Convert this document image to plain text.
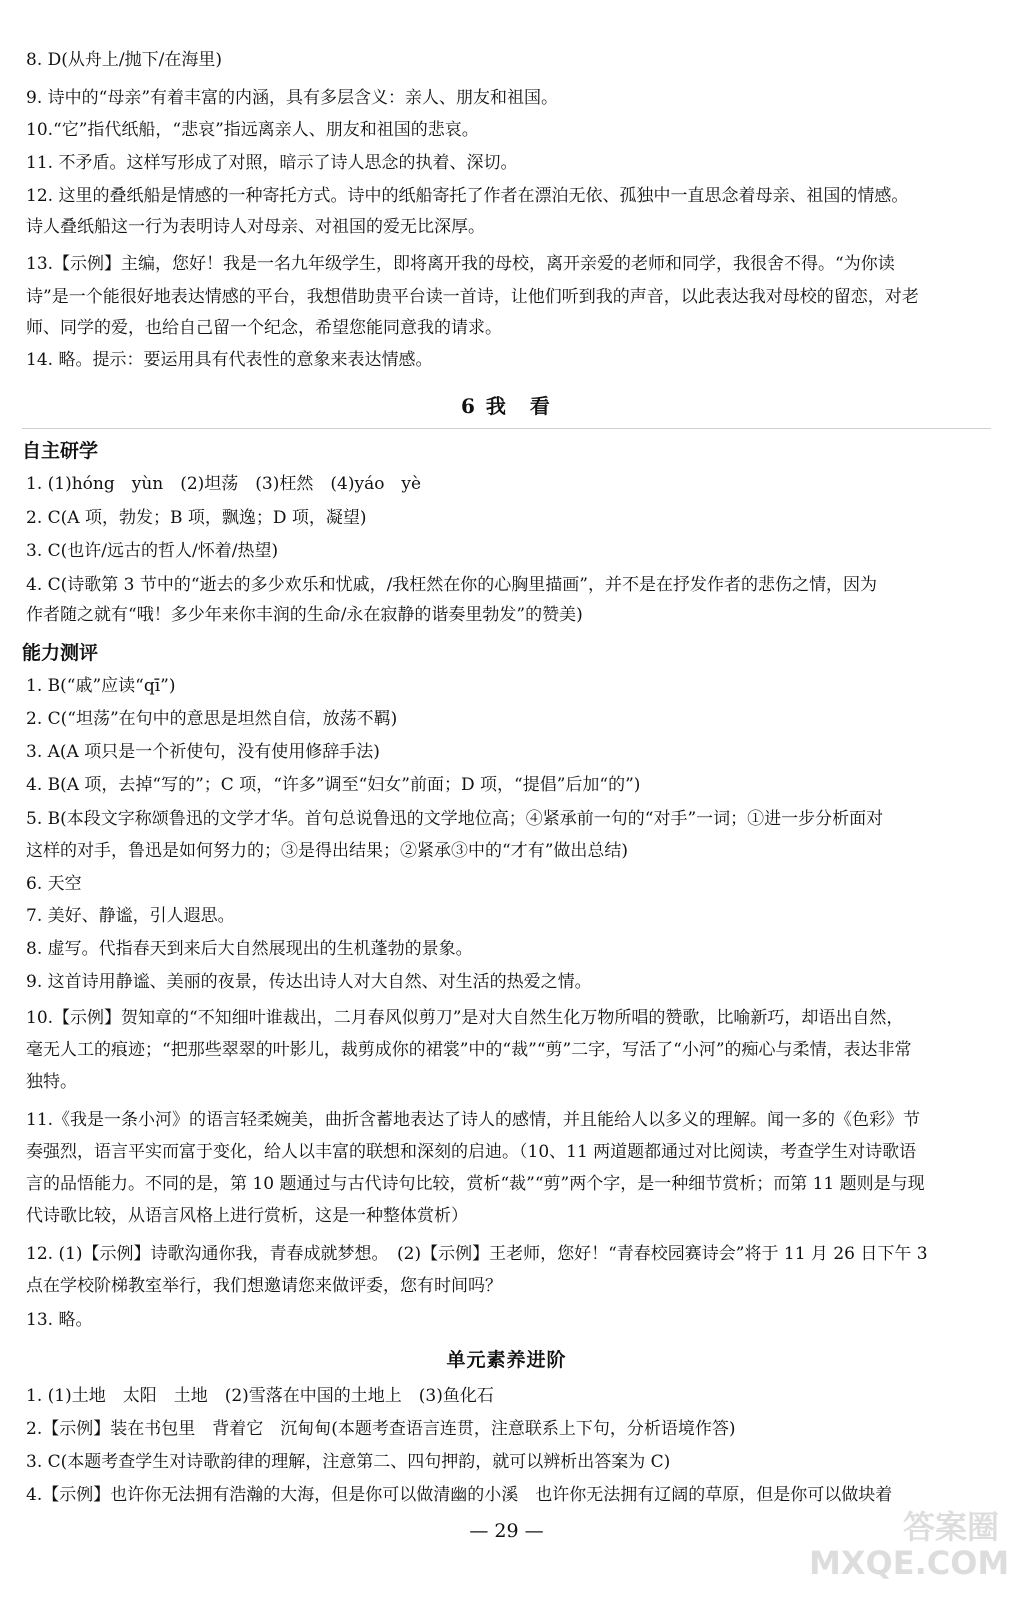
8. D(从舟上/抛下/在海里)
9. 诗中的“母亲”有着丰富的内涵，具有多层含义：亲人、朋友和祖国。
10.“它”指代纸船，“悲哀”指远离亲人、朋友和祖国的悲哀。
11. 不矛盾。这样写形成了对照，暗示了诗人思念的执着、深切。
12. 这里的叠纸船是情感的一种寄托方式。诗中的纸船寄托了作者在漂泊无依、孤独中一直思念着母亲、祖国的情感。
诗人叠纸船这一行为表明诗人对母亲、对祖国的爱无比深厚。
13.【示例】主编，您好！我是一名九年级学生，即将离开我的母校，离开亲爱的老师和同学，我很舍不得。“为你读
诗”是一个能很好地表达情感的平台，我想借助贵平台读一首诗，让他们听到我的声音，以此表达我对母校的留恋，对老
师、同学的爱，也给自己留一个纪念，希望您能同意我的请求。
14. 略。提示：要运用具有代表性的意象来表达情感。
6 我　看
自主研学
1. (1)hóng　yùn　(2)坦荡　(3)枉然　(4)yáo　yè
2. C(A 项，勃发；B 项，飘逸；D 项，凝望)
3. C(也许/远古的哲人/怀着/热望)
4. C(诗歌第 3 节中的“逝去的多少欢乐和忧戚，/我枉然在你的心胸里描画”，并不是在抒发作者的悲伤之情，因为
作者随之就有“哦！多少年来你丰润的生命/永在寂静的谐奏里勃发”的赞美)
能力测评
1. B(“戚”应读“qī”)
2. C(“坦荡”在句中的意思是坦然自信，放荡不羁)
3. A(A 项只是一个祈使句，没有使用修辞手法)
4. B(A 项，去掉“写的”；C 项，“许多”调至“妇女”前面；D 项，“提倡”后加“的”)
5. B(本段文字称颂鲁迅的文学才华。首句总说鲁迅的文学地位高；④紧承前一句的“对手”一词；①进一步分析面对
这样的对手，鲁迅是如何努力的；③是得出结果；②紧承③中的“才有”做出总结)
6. 天空
7. 美好、静谧，引人遐思。
8. 虚写。代指春天到来后大自然展现出的生机蓬勃的景象。
9. 这首诗用静谧、美丽的夜景，传达出诗人对大自然、对生活的热爱之情。
10.【示例】贺知章的“不知细叶谁裁出，二月春风似剪刀”是对大自然生化万物所唱的赞歌，比喻新巧，却语出自然，
毫无人工的痕迹；“把那些翠翠的叶影儿，裁剪成你的裙裳”中的“裁”“剪”二字，写活了“小河”的痴心与柔情，表达非常
独特。
11.《我是一条小河》的语言轻柔婉美，曲折含蓄地表达了诗人的感情，并且能给人以多义的理解。闻一多的《色彩》节
奏强烈，语言平实而富于变化，给人以丰富的联想和深刻的启迪。（10、11 两道题都通过对比阅读，考查学生对诗歌语
言的品悟能力。不同的是，第 10 题通过与古代诗句比较，赏析“裁”“剪”两个字，是一种细节赏析；而第 11 题则是与现
代诗歌比较，从语言风格上进行赏析，这是一种整体赏析）
12. (1)【示例】诗歌沟通你我，青春成就梦想。　(2)【示例】王老师，您好！“青春校园赛诗会”将于 11 月 26 日下午 3
点在学校阶梯教室举行，我们想邀请您来做评委，您有时间吗？
13. 略。
单元素养进阶
1. (1)土地　太阳　土地　(2)雪落在中国的土地上　(3)鱼化石
2.【示例】装在书包里　背着它　沉甸甸(本题考查语言连贯，注意联系上下句，分析语境作答)
3. C(本题考查学生对诗歌韵律的理解，注意第二、四句押韵，就可以辨析出答案为 C)
4.【示例】也许你无法拥有浩瀚的大海，但是你可以做清幽的小溪　也许你无法拥有辽阔的草原，但是你可以做块着
— 29 —	答案圈 MXQE.COM
